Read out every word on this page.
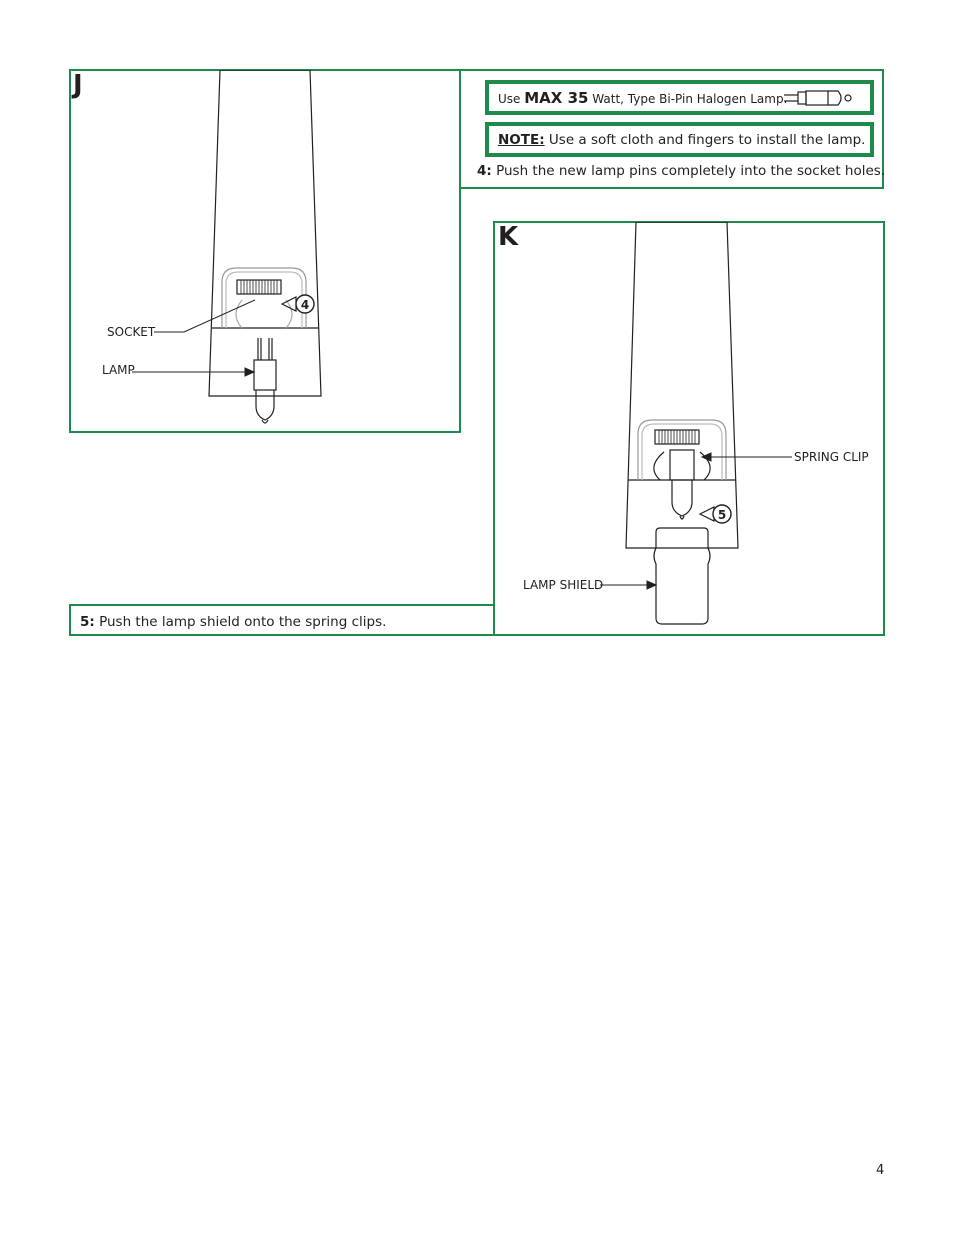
4
J
SOCKET
LAMP
Use MAX 35 Watt, Type Bi-Pin Halogen Lamp.
NOTE: Use a soft cloth and fingers to install the lamp.
4: Push the new lamp pins completely into the socket holes.
5
K
SPRING CLIP
LAMP SHIELD
5: Push the lamp shield onto the spring clips.
4
